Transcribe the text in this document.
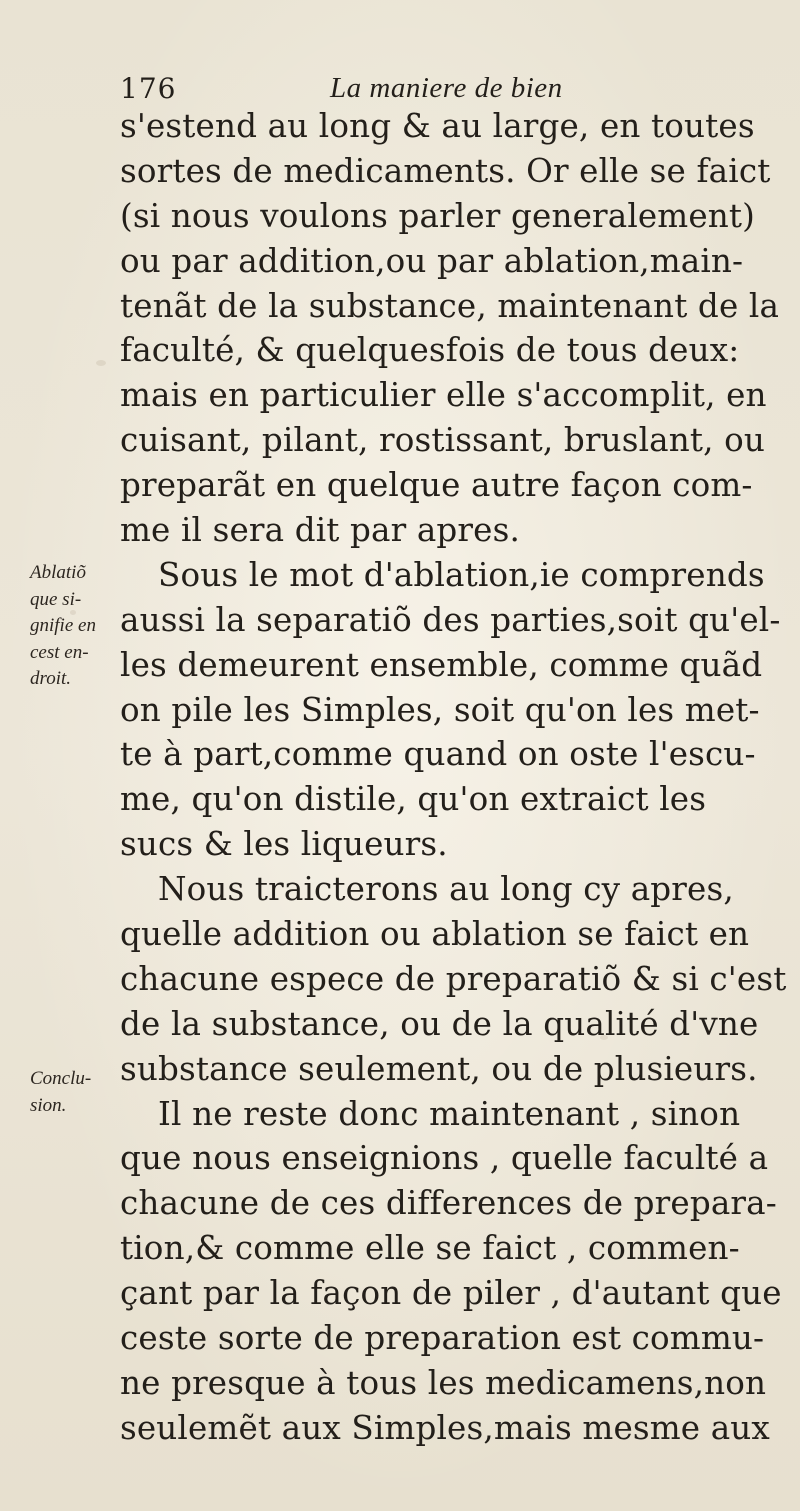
176	La maniere de bien
Ablatiõ
que si-
gnifie en
cest en-
droit.
Conclu-
sion.
s'estend au long & au large, en toutes
sortes de medicaments. Or elle se faict
(si nous voulons parler generalement)
ou par addition,ou par ablation,main-
tenãt de la substance, maintenant de la
faculté, & quelquesfois de tous deux:
mais en particulier elle s'accomplit, en
cuisant, pilant, rostissant, bruslant, ou
preparãt en quelque autre façon com-
me il sera dit par apres.
Sous le mot d'ablation,ie comprends
aussi la separatiõ des parties,soit qu'el-
les demeurent ensemble, comme quãd
on pile les Simples, soit qu'on les met-
te à part,comme quand on oste l'escu-
me, qu'on distile, qu'on extraict les
sucs & les liqueurs.
Nous traicterons au long cy apres,
quelle addition ou ablation se faict en
chacune espece de preparatiõ & si c'est
de la substance, ou de la qualité d'vne
substance seulement, ou de plusieurs.
Il ne reste donc maintenant , sinon
que nous enseignions , quelle faculté a
chacune de ces differences de prepara-
tion,& comme elle se faict , commen-
çant par la façon de piler , d'autant que
ceste sorte de preparation est commu-
ne presque à tous les medicamens,non
seulemẽt aux Simples,mais mesme aux
